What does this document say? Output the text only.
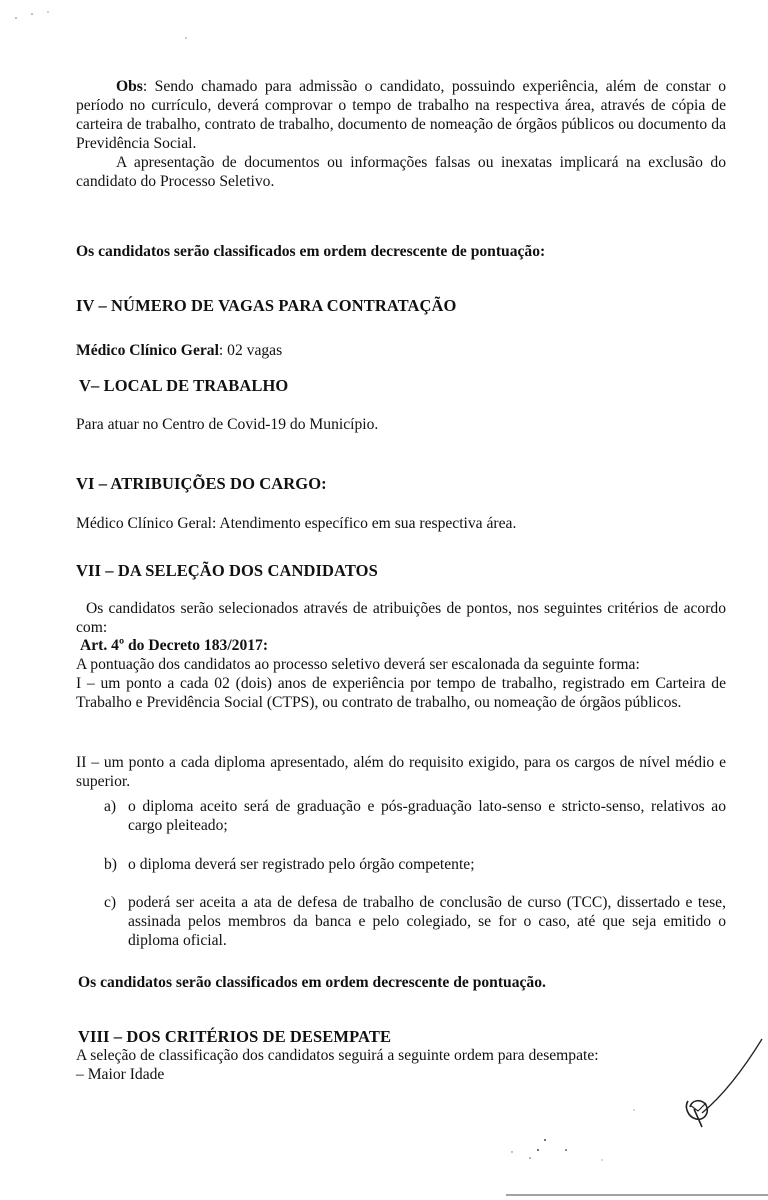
Obs: Sendo chamado para admissão o candidato, possuindo experiência, além de constar o período no currículo, deverá comprovar o tempo de trabalho na respectiva área, através de cópia de carteira de trabalho, contrato de trabalho, documento de nomeação de órgãos públicos ou documento da Previdência Social.

A apresentação de documentos ou informações falsas ou inexatas implicará na exclusão do candidato do Processo Seletivo.

Os candidatos serão classificados em ordem decrescente de pontuação:

IV – NÚMERO DE VAGAS PARA CONTRATAÇÃO

Médico Clínico Geral: 02 vagas

V– LOCAL DE TRABALHO

Para atuar no Centro de Covid-19 do Município.

VI – ATRIBUIÇÕES DO CARGO:

Médico Clínico Geral: Atendimento específico em sua respectiva área.

VII – DA SELEÇÃO DOS CANDIDATOS

Os candidatos serão selecionados através de atribuições de pontos, nos seguintes critérios de acordo com:

Art. 4º do Decreto 183/2017:

A pontuação dos candidatos ao processo seletivo deverá ser escalonada da seguinte forma:

I – um ponto a cada 02 (dois) anos de experiência por tempo de trabalho, registrado em Carteira de Trabalho e Previdência Social (CTPS), ou contrato de trabalho, ou nomeação de órgãos públicos.

II – um ponto a cada diploma apresentado, além do requisito exigido, para os cargos de nível médio e superior.

a) o diploma aceito será de graduação e pós-graduação lato-senso e stricto-senso, relativos ao cargo pleiteado;
b) o diploma deverá ser registrado pelo órgão competente;
c) poderá ser aceita a ata de defesa de trabalho de conclusão de curso (TCC), dissertado e tese, assinada pelos membros da banca e pelo colegiado, se for o caso, até que seja emitido o diploma oficial.

Os candidatos serão classificados em ordem decrescente de pontuação.

VIII – DOS CRITÉRIOS DE DESEMPATE

A seleção de classificação dos candidatos seguirá a seguinte ordem para desempate:

– Maior Idade
